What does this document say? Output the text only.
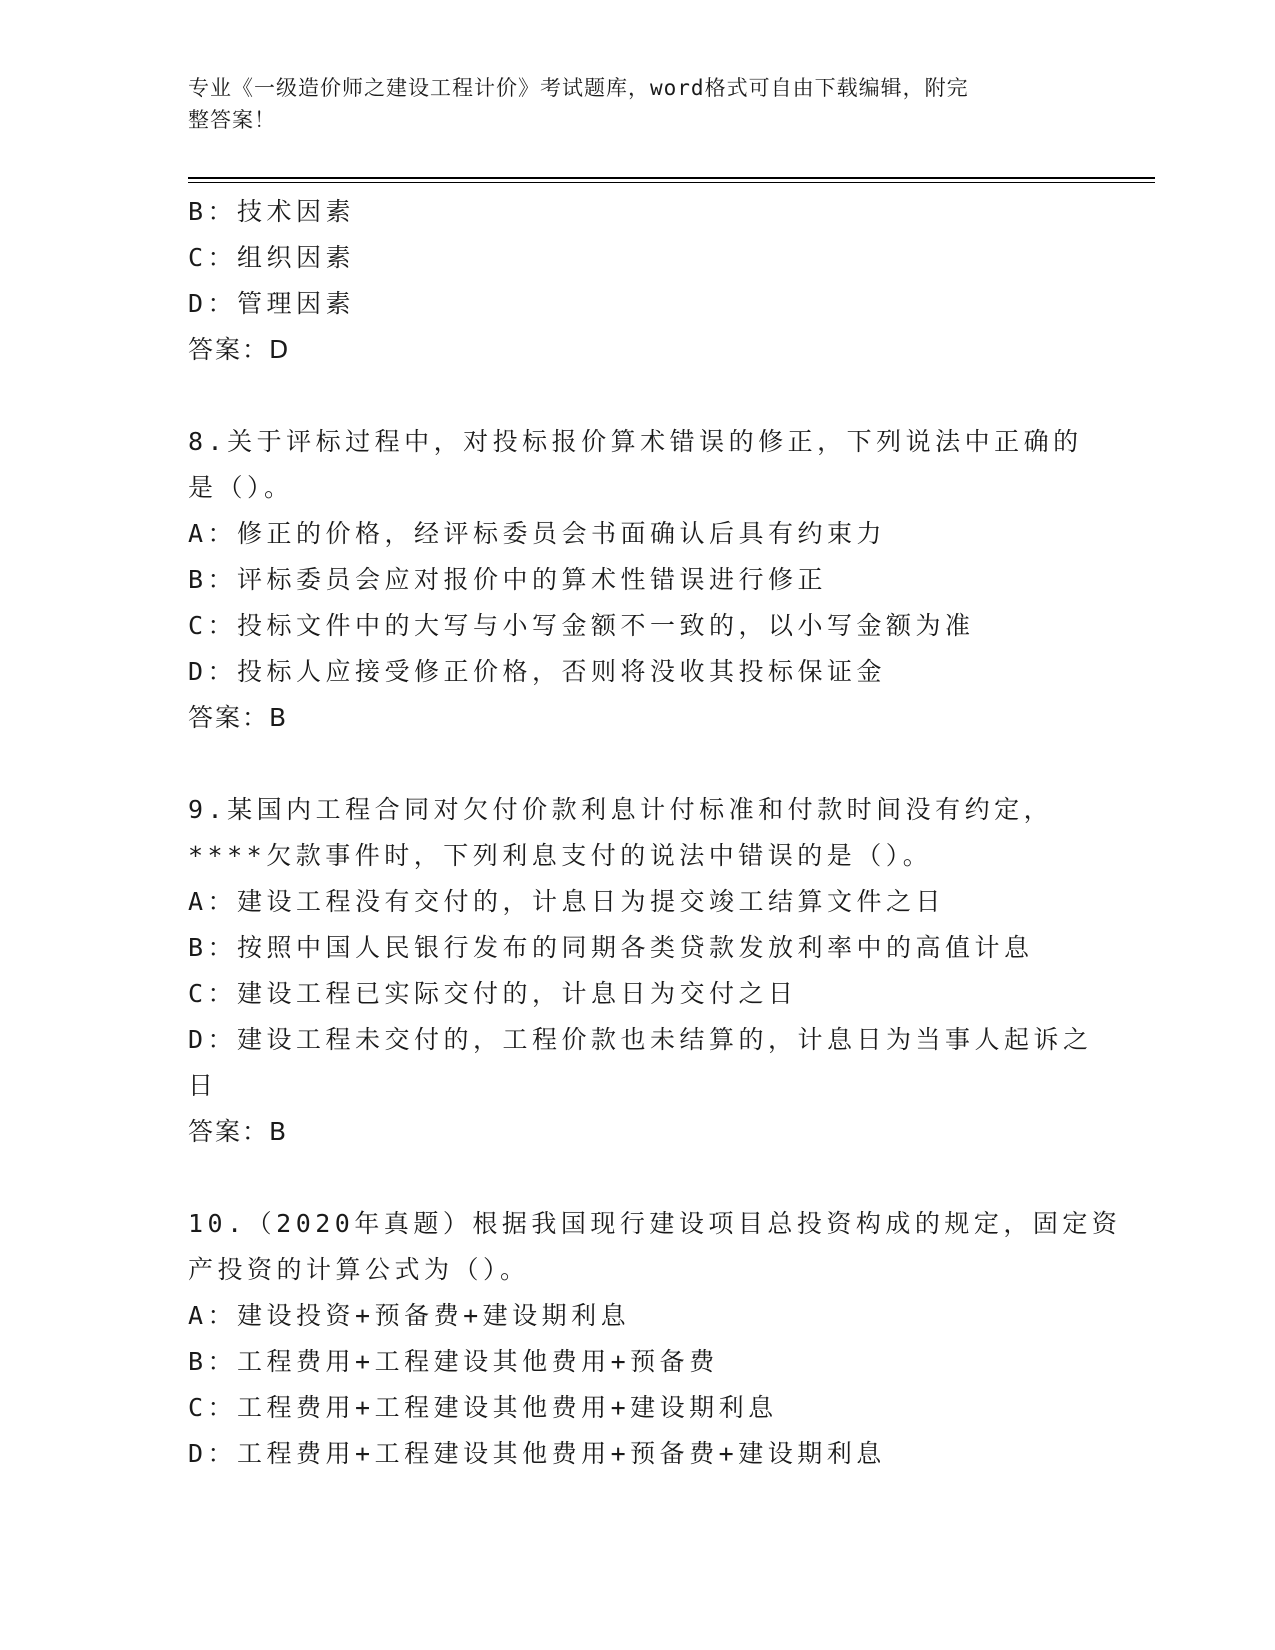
专业《一级造价师之建设工程计价》考试题库，word格式可自由下载编辑，附完
整答案！
B：技术因素
C：组织因素
D：管理因素
答案：D
8.关于评标过程中，对投标报价算术错误的修正，下列说法中正确的
是（）。
A：修正的价格，经评标委员会书面确认后具有约束力
B：评标委员会应对报价中的算术性错误进行修正
C：投标文件中的大写与小写金额不一致的，以小写金额为准
D：投标人应接受修正价格，否则将没收其投标保证金
答案：B
9.某国内工程合同对欠付价款利息计付标准和付款时间没有约定，
****欠款事件时，下列利息支付的说法中错误的是（）。
A：建设工程没有交付的，计息日为提交竣工结算文件之日
B：按照中国人民银行发布的同期各类贷款发放利率中的高值计息
C：建设工程已实际交付的，计息日为交付之日
D：建设工程未交付的，工程价款也未结算的，计息日为当事人起诉之
日
答案：B
10.（2020年真题）根据我国现行建设项目总投资构成的规定，固定资
产投资的计算公式为（）。
A：建设投资+预备费+建设期利息
B：工程费用+工程建设其他费用+预备费
C：工程费用+工程建设其他费用+建设期利息
D：工程费用+工程建设其他费用+预备费+建设期利息
